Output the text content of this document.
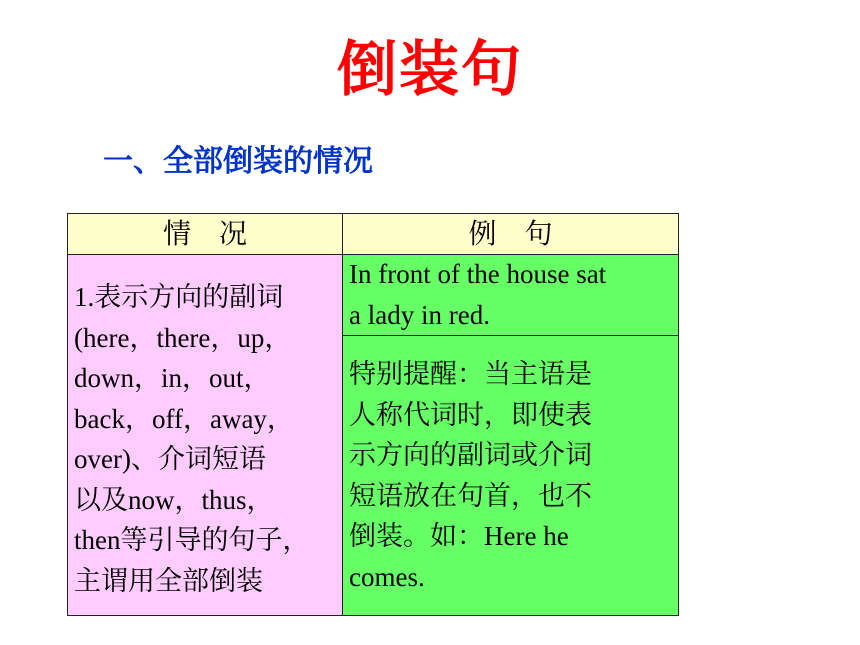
倒装句
一、全部倒装的情况
情　况	例　句
1.表示方向的副词
(here，there，up，
down，in，out，
back，off，away，
over)、介词短语
以及now，thus，
then等引导的句子，
主谓用全部倒装
In front of the house sat
a lady in red.
特别提醒：当主语是
人称代词时，即使表
示方向的副词或介词
短语放在句首，也不
倒装。如：Here he
comes.
